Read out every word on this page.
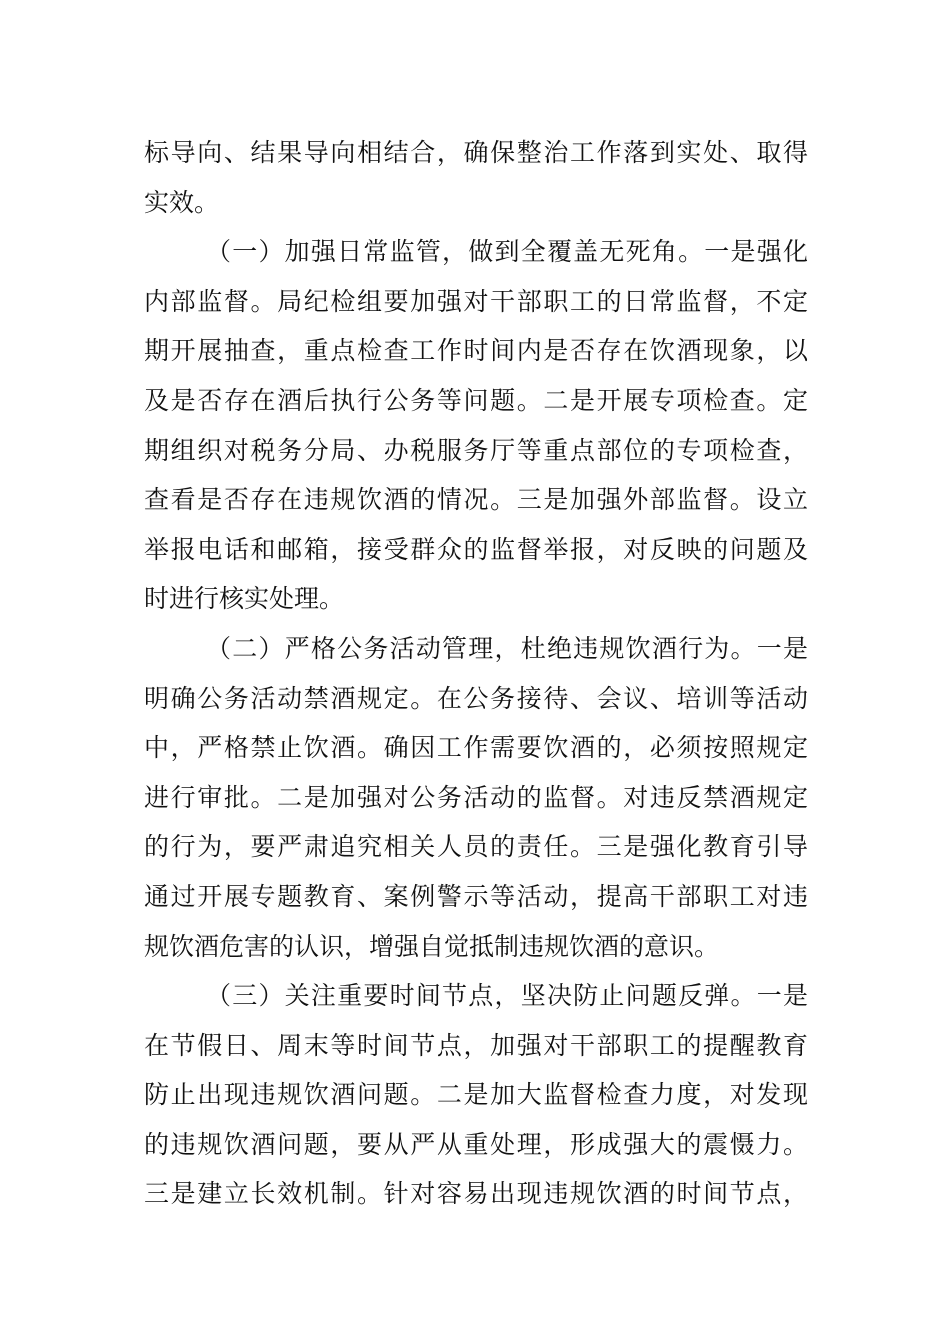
标导向、结果导向相结合，确保整治工作落到实处、取得
实效。
（一）加强日常监管，做到全覆盖无死角。一是强化
内部监督。局纪检组要加强对干部职工的日常监督，不定
期开展抽查，重点检查工作时间内是否存在饮酒现象，以
及是否存在酒后执行公务等问题。二是开展专项检查。定
期组织对税务分局、办税服务厅等重点部位的专项检查，
查看是否存在违规饮酒的情况。三是加强外部监督。设立
举报电话和邮箱，接受群众的监督举报，对反映的问题及
时进行核实处理。
（二）严格公务活动管理，杜绝违规饮酒行为。一是
明确公务活动禁酒规定。在公务接待、会议、培训等活动
中，严格禁止饮酒。确因工作需要饮酒的，必须按照规定
进行审批。二是加强对公务活动的监督。对违反禁酒规定
的行为，要严肃追究相关人员的责任。三是强化教育引导
通过开展专题教育、案例警示等活动，提高干部职工对违
规饮酒危害的认识，增强自觉抵制违规饮酒的意识。
（三）关注重要时间节点，坚决防止问题反弹。一是
在节假日、周末等时间节点，加强对干部职工的提醒教育
防止出现违规饮酒问题。二是加大监督检查力度，对发现
的违规饮酒问题，要从严从重处理，形成强大的震慑力。
三是建立长效机制。针对容易出现违规饮酒的时间节点，
